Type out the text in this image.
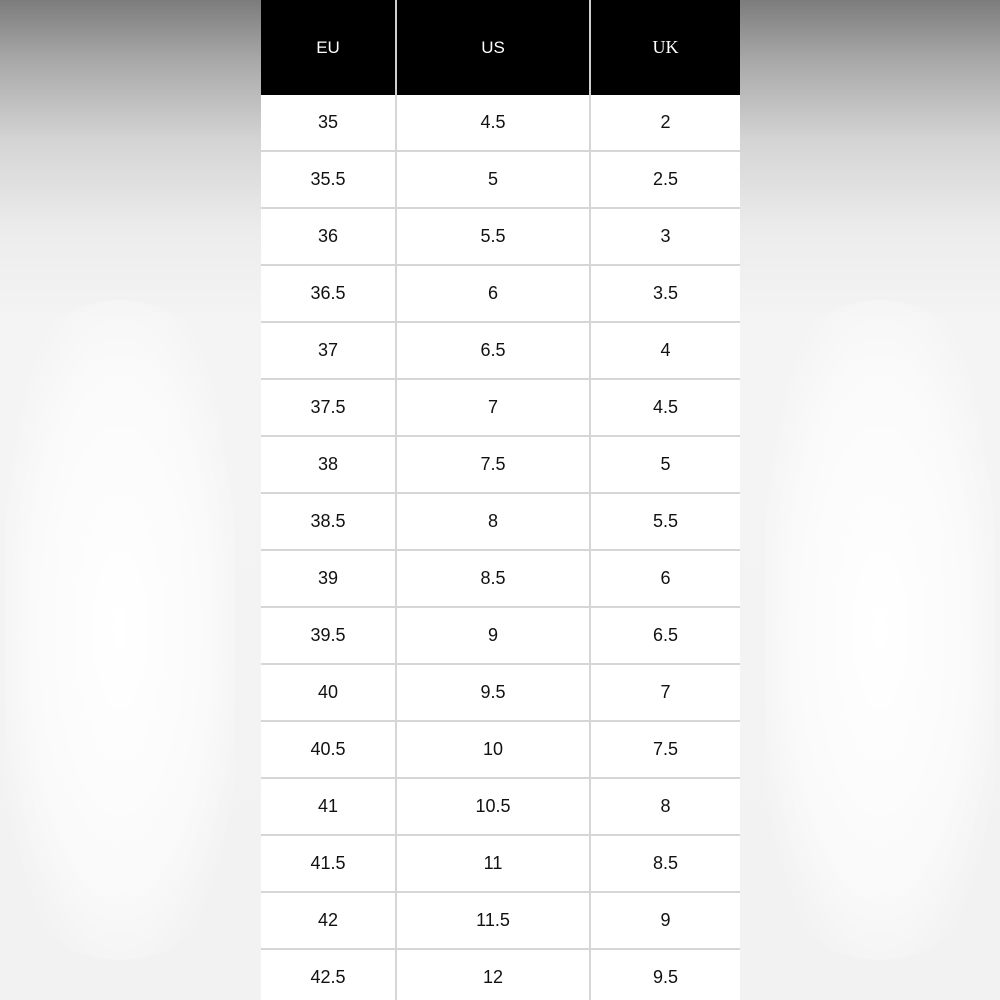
EU	US	UK
35	4.5	2
35.5	5	2.5
36	5.5	3
36.5	6	3.5
37	6.5	4
37.5	7	4.5
38	7.5	5
38.5	8	5.5
39	8.5	6
39.5	9	6.5
40	9.5	7
40.5	10	7.5
41	10.5	8
41.5	11	8.5
42	11.5	9
42.5	12	9.5
